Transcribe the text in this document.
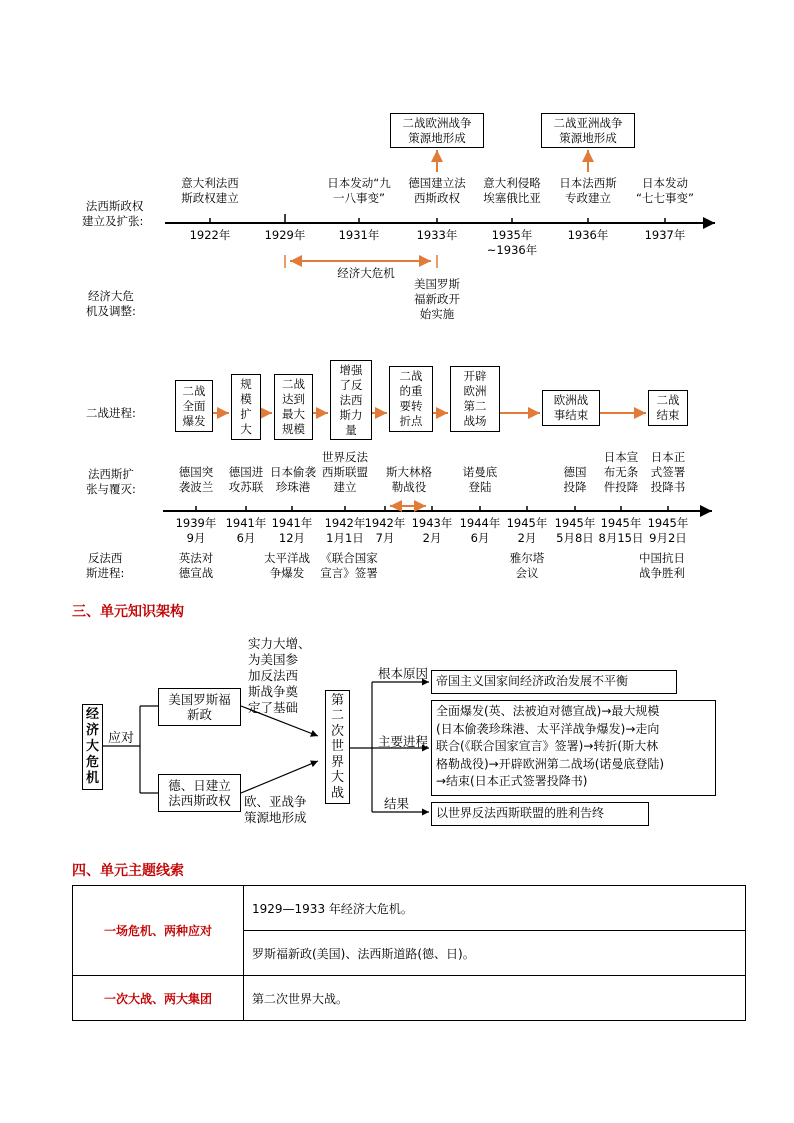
法西斯政权
建立及扩张:
经济大危
机及调整:
二战欧洲战争
策源地形成
二战亚洲战争
策源地形成
意大利法西
斯政权建立
日本发动“九
一八事变”
德国建立法
西斯政权
意大利侵略
埃塞俄比亚
日本法西斯
专政建立
日本发动
“七七事变”
1922年	1929年	1931年	1933年	1935年
~1936年
1936年	1937年
经济大危机
美国罗斯
福新政开
始实施
二战进程:
法西斯扩
张与覆灭:
反法西
斯进程:
二战
全面
爆发
规
模
扩
大
二战
达到
最大
规模
增强
了反
法西
斯力
量
二战
的重
要转
折点
开辟
欧洲
第二
战场
欧洲战
事结束
二战
结束
德国突
袭波兰
德国进
攻苏联
日本偷袭
珍珠港
世界反法
西斯联盟
建立
斯大林格
勒战役
诺曼底
登陆
德国
投降
日本宣
布无条
件投降
日本正
式签署
投降书
1939年
9月
1941年
6月
1941年
12月
1942年
1月1日
1942年
7月
1943年
2月
1944年
6月
1945年
2月
1945年
5月8日
1945年
8月15日
1945年
9月2日
英法对
德宣战
太平洋战
争爆发
《联合国家
宣言》签署
雅尔塔
会议
中国抗日
战争胜利
三、单元知识架构
经
济
大
危
机
应对
美国罗斯福
新政
实力大增、
为美国参
加反法西
斯战争奠
定了基础
德、日建立
法西斯政权	欧、亚战争
策源地形成
第
二
次
世
界
大
战
根本原因 帝国主义国家间经济政治发展不平衡
主要进程
全面爆发(英、法被迫对德宣战)→最大规模
(日本偷袭珍珠港、太平洋战争爆发)→走向
联合(《联合国家宣言》签署)→转折(斯大林
格勒战役)→开辟欧洲第二战场(诺曼底登陆)
→结束(日本正式签署投降书)
结果
以世界反法西斯联盟的胜利告终
四、单元主题线索
一场危机、两种应对	1929—1933 年经济大危机。
	罗斯福新政(美国)、法西斯道路(德、日)。
一次大战、两大集团	第二次世界大战。
